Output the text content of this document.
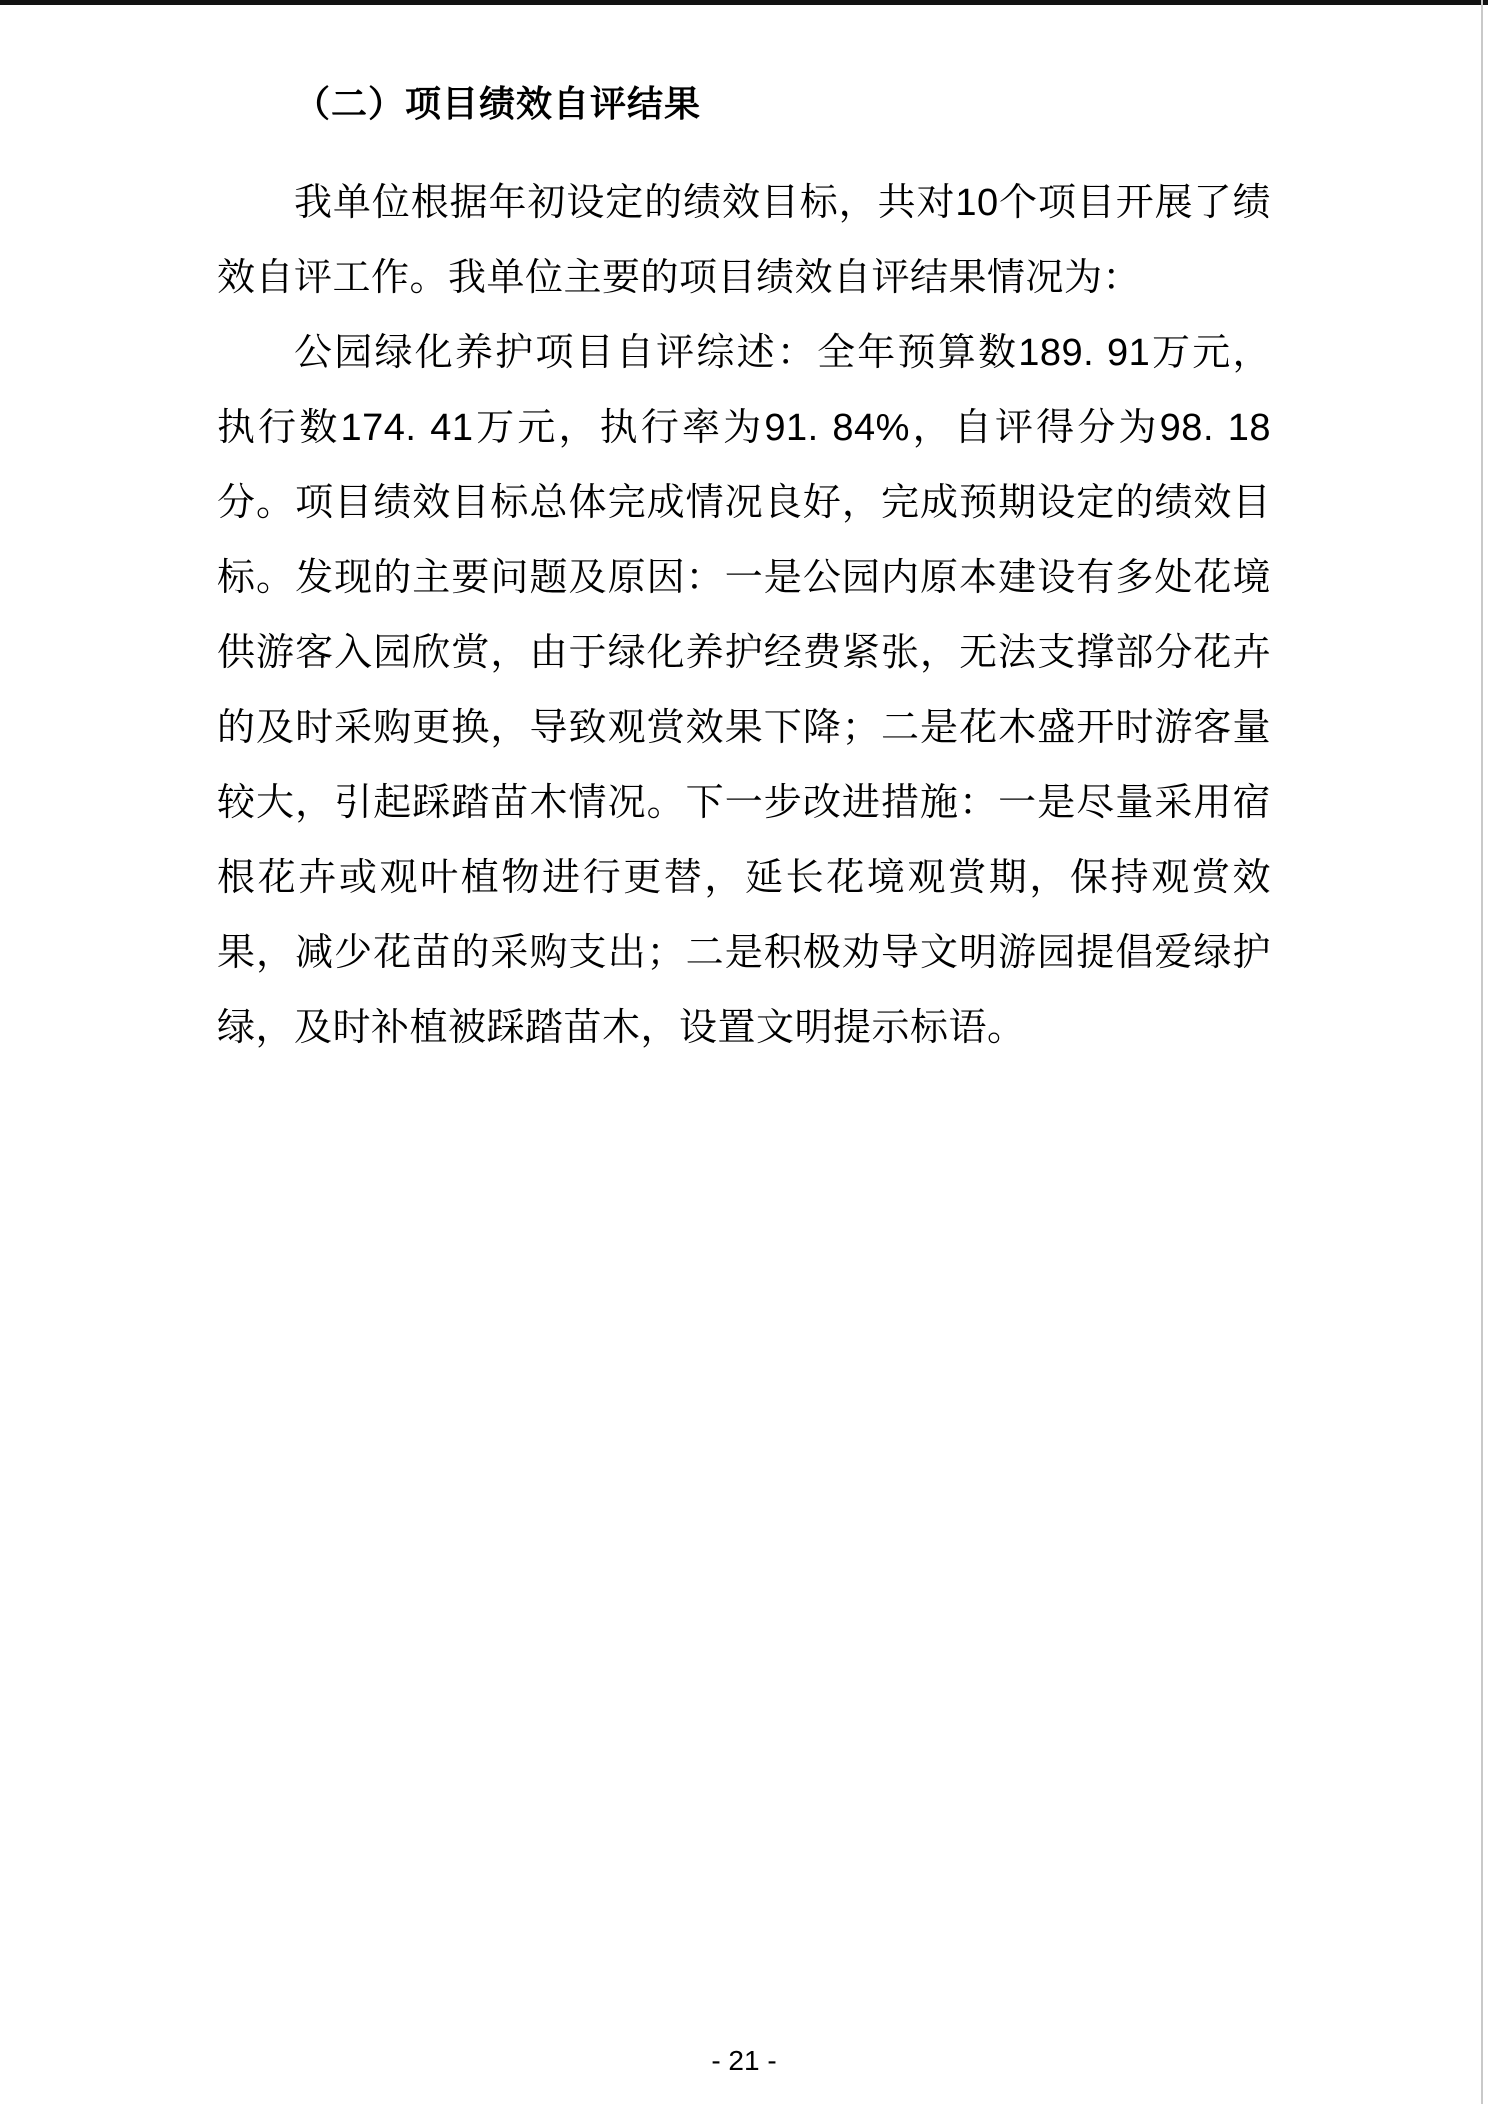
（二）项目绩效自评结果

我单位根据年初设定的绩效目标，共对10个项目开展了绩效自评工作。我单位主要的项目绩效自评结果情况为：

公园绿化养护项目自评综述：全年预算数189. 91万元，执行数174. 41万元，执行率为91. 84%，自评得分为98. 18分。项目绩效目标总体完成情况良好，完成预期设定的绩效目标。发现的主要问题及原因：一是公园内原本建设有多处花境供游客入园欣赏，由于绿化养护经费紧张，无法支撑部分花卉的及时采购更换，导致观赏效果下降；二是花木盛开时游客量较大，引起踩踏苗木情况。下一步改进措施：一是尽量采用宿根花卉或观叶植物进行更替，延长花境观赏期，保持观赏效果，减少花苗的采购支出；二是积极劝导文明游园提倡爱绿护绿，及时补植被踩踏苗木，设置文明提示标语。

- 21 -
